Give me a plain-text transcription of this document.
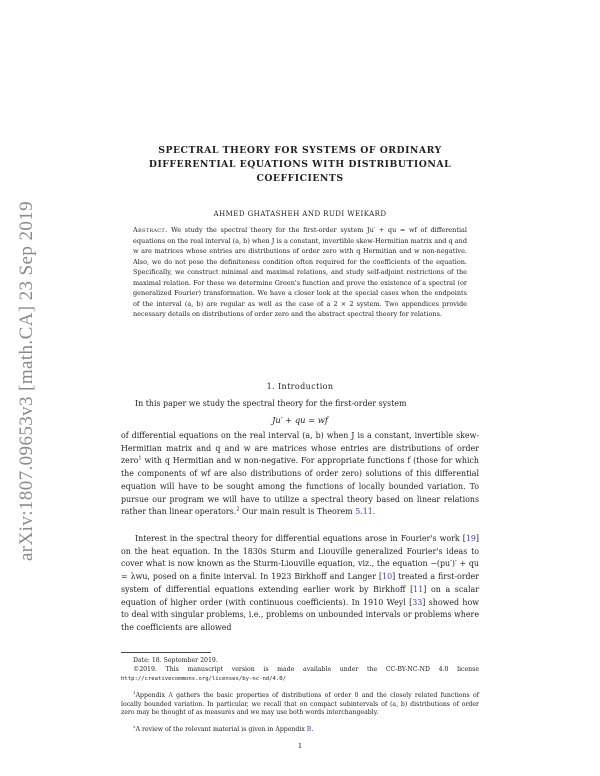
arXiv:1807.09653v3 [math.CA] 23 Sep 2019
SPECTRAL THEORY FOR SYSTEMS OF ORDINARY DIFFERENTIAL EQUATIONS WITH DISTRIBUTIONAL COEFFICIENTS
AHMED GHATASHEH AND RUDI WEIKARD
Abstract. We study the spectral theory for the first-order system Ju′ + qu = wf of differential equations on the real interval (a, b) when J is a constant, invertible skew-Hermitian matrix and q and w are matrices whose entries are distributions of order zero with q Hermitian and w non-negative. Also, we do not pose the definiteness condition often required for the coefficients of the equation. Specifically, we construct minimal and maximal relations, and study self-adjoint restrictions of the maximal relation. For these we determine Green's function and prove the existence of a spectral (or generalized Fourier) transformation. We have a closer look at the special cases when the endpoints of the interval (a, b) are regular as well as the case of a 2 × 2 system. Two appendices provide necessary details on distributions of order zero and the abstract spectral theory for relations.
1. Introduction
In this paper we study the spectral theory for the first-order system
Ju′ + qu = wf
of differential equations on the real interval (a, b) when J is a constant, invertible skew-Hermitian matrix and q and w are matrices whose entries are distributions of order zero$^1$ with q Hermitian and w non-negative. For appropriate functions f (those for which the components of wf are also distributions of order zero) solutions of this differential equation will have to be sought among the functions of locally bounded variation. To pursue our program we will have to utilize a spectral theory based on linear relations rather than linear operators.$^2$ Our main result is Theorem 5.11.
Interest in the spectral theory for differential equations arose in Fourier's work [19] on the heat equation. In the 1830s Sturm and Liouville generalized Fourier's ideas to cover what is now known as the Sturm-Liouville equation, viz., the equation −(pu′)′ + qu = λwu, posed on a finite interval. In 1923 Birkhoff and Langer [10] treated a first-order system of differential equations extending earlier work by Birkhoff [11] on a scalar equation of higher order (with continuous coefficients). In 1910 Weyl [33] showed how to deal with singular problems, i.e., problems on unbounded intervals or problems where the coefficients are allowed
Date: 18. September 2019.
©2019. This manuscript version is made available under the CC-BY-NC-ND 4.0 license http://creativecommons.org/licenses/by-nc-nd/4.0/
$^1$Appendix A gathers the basic properties of distributions of order 0 and the closely related functions of locally bounded variation. In particular, we recall that on compact subintervals of (a, b) distributions of order zero may be thought of as measures and we may use both words interchangeably.
$^2$A review of the relevant material is given in Appendix B.
1
